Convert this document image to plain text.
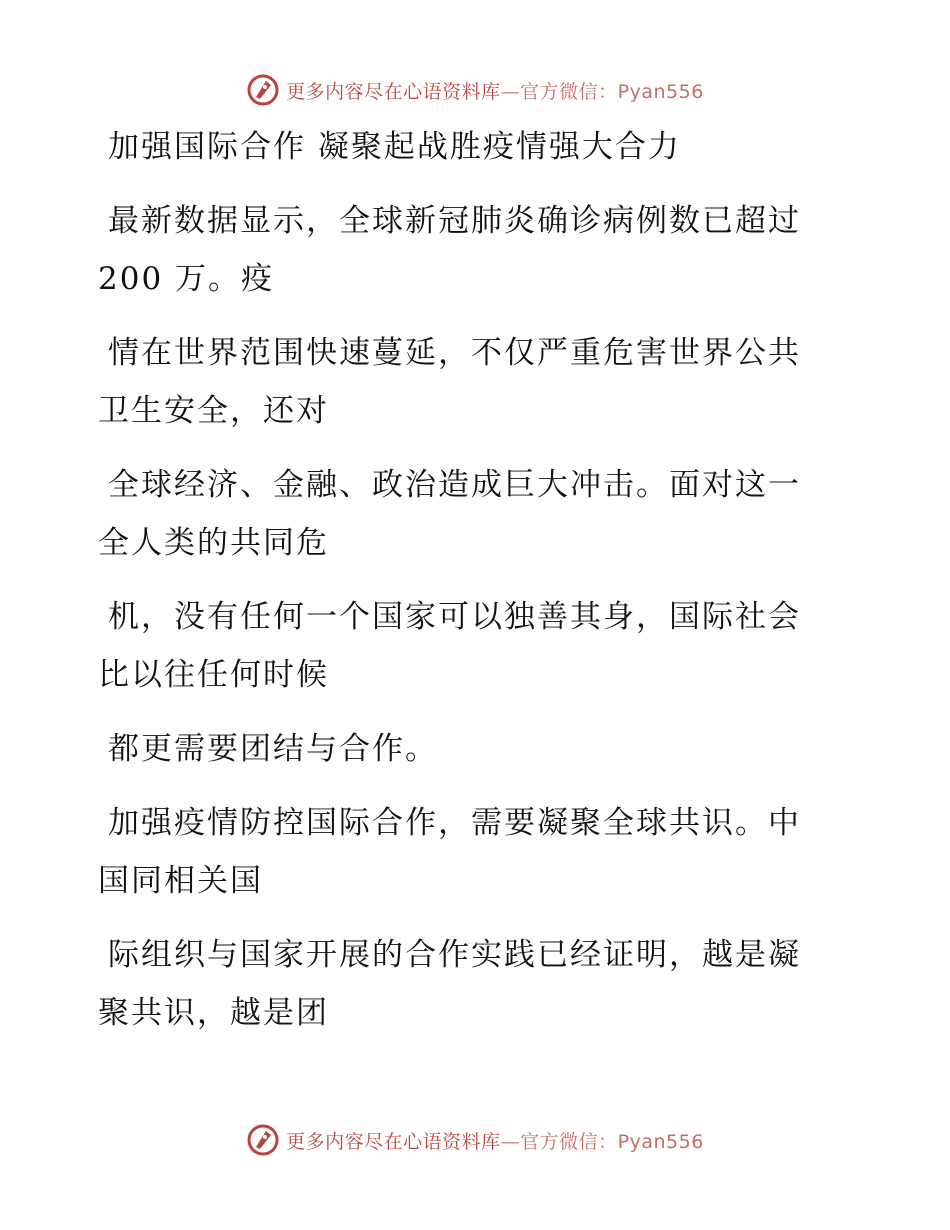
更多内容尽在心语资料库—官方微信：Pyan556
加强国际合作 凝聚起战胜疫情强大合力
最新数据显示，全球新冠肺炎确诊病例数已超过
200 万。疫
情在世界范围快速蔓延，不仅严重危害世界公共
卫生安全，还对
全球经济、金融、政治造成巨大冲击。面对这一
全人类的共同危
机，没有任何一个国家可以独善其身，国际社会
比以往任何时候
都更需要团结与合作。
加强疫情防控国际合作，需要凝聚全球共识。中
国同相关国
际组织与国家开展的合作实践已经证明，越是凝
聚共识，越是团
更多内容尽在心语资料库—官方微信：Pyan556
